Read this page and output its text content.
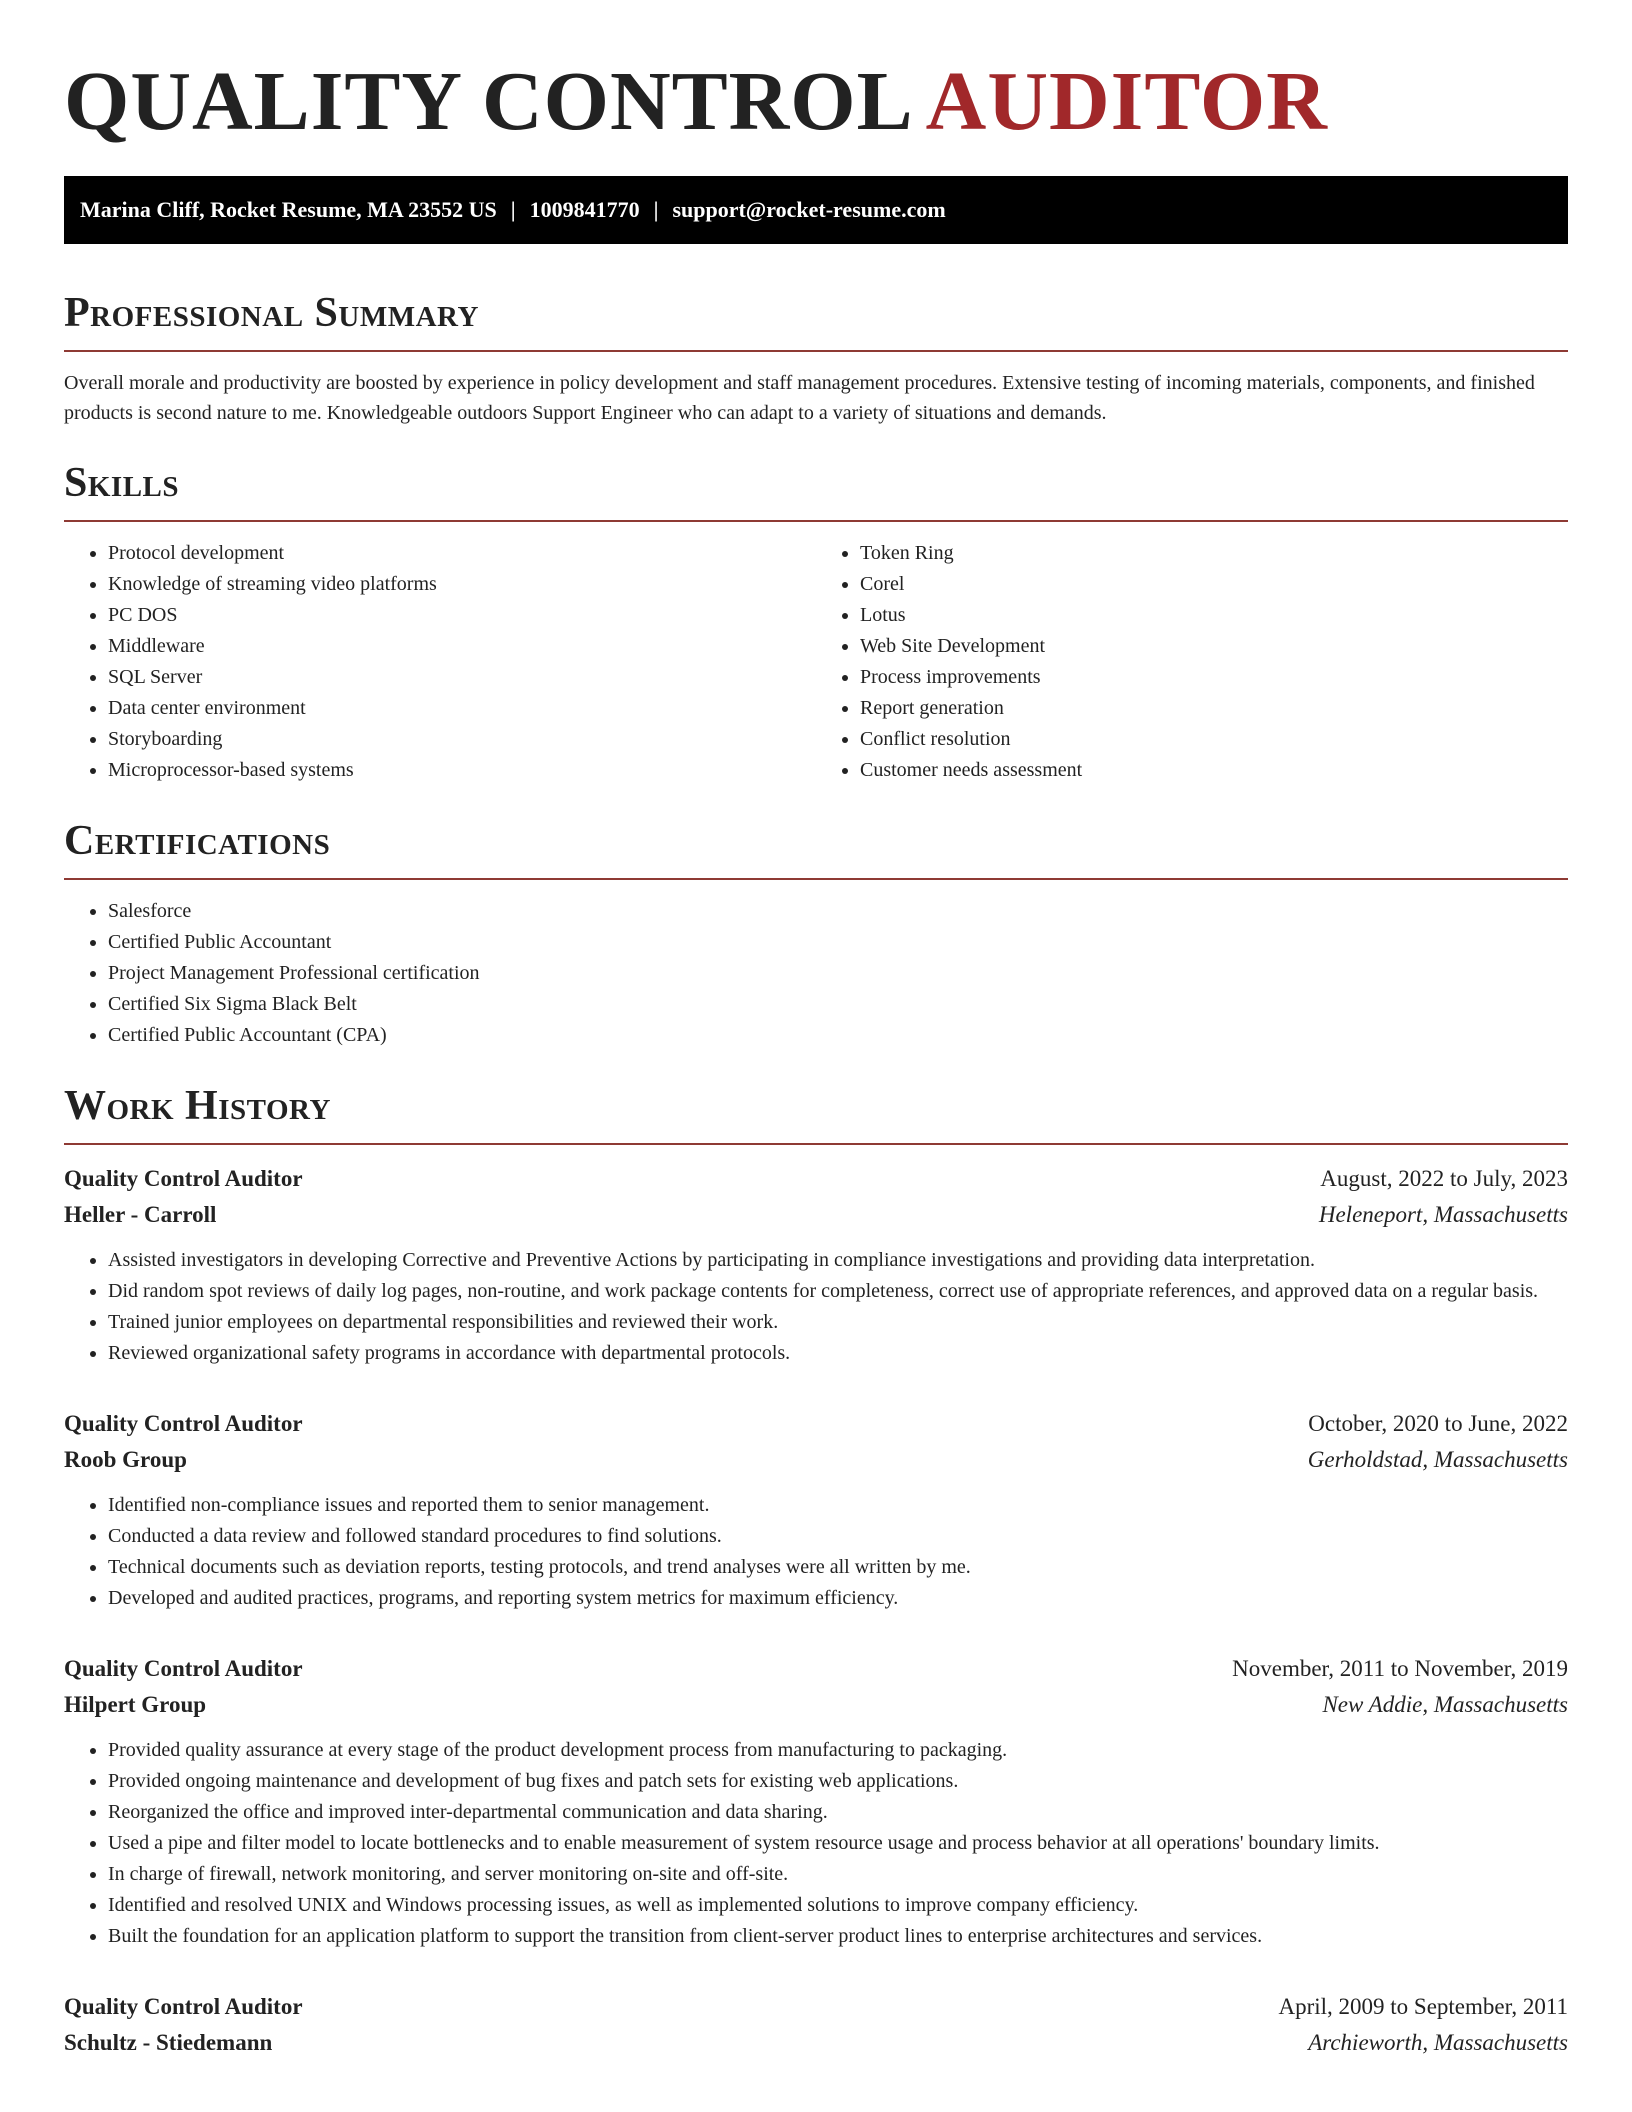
QUALITY CONTROL AUDITOR
Marina Cliff, Rocket Resume, MA 23552 US | 1009841770 | support@rocket-resume.com
Professional Summary

Overall morale and productivity are boosted by experience in policy development and staff management procedures. Extensive testing of incoming materials, components, and finished products is second nature to me. Knowledgeable outdoors Support Engineer who can adapt to a variety of situations and demands.

Skills
• Protocol development
• Knowledge of streaming video platforms
• PC DOS
• Middleware
• SQL Server
• Data center environment
• Storyboarding
• Microprocessor-based systems
• Token Ring
• Corel
• Lotus
• Web Site Development
• Process improvements
• Report generation
• Conflict resolution
• Customer needs assessment
Certifications
• Salesforce
• Certified Public Accountant
• Project Management Professional certification
• Certified Six Sigma Black Belt
• Certified Public Accountant (CPA)
Work History
Quality Control Auditor	August, 2022 to July, 2023
Heller - Carroll	Heleneport, Massachusetts
• Assisted investigators in developing Corrective and Preventive Actions by participating in compliance investigations and providing data interpretation.
• Did random spot reviews of daily log pages, non-routine, and work package contents for completeness, correct use of appropriate references, and approved data on a regular basis.
• Trained junior employees on departmental responsibilities and reviewed their work.
• Reviewed organizational safety programs in accordance with departmental protocols.
Quality Control Auditor	October, 2020 to June, 2022
Roob Group	Gerholdstad, Massachusetts
• Identified non-compliance issues and reported them to senior management.
• Conducted a data review and followed standard procedures to find solutions.
• Technical documents such as deviation reports, testing protocols, and trend analyses were all written by me.
• Developed and audited practices, programs, and reporting system metrics for maximum efficiency.
Quality Control Auditor	November, 2011 to November, 2019
Hilpert Group	New Addie, Massachusetts
• Provided quality assurance at every stage of the product development process from manufacturing to packaging.
• Provided ongoing maintenance and development of bug fixes and patch sets for existing web applications.
• Reorganized the office and improved inter-departmental communication and data sharing.
• Used a pipe and filter model to locate bottlenecks and to enable measurement of system resource usage and process behavior at all operations' boundary limits.
• In charge of firewall, network monitoring, and server monitoring on-site and off-site.
• Identified and resolved UNIX and Windows processing issues, as well as implemented solutions to improve company efficiency.
• Built the foundation for an application platform to support the transition from client-server product lines to enterprise architectures and services.
Quality Control Auditor	April, 2009 to September, 2011
Schultz - Stiedemann	Archieworth, Massachusetts
